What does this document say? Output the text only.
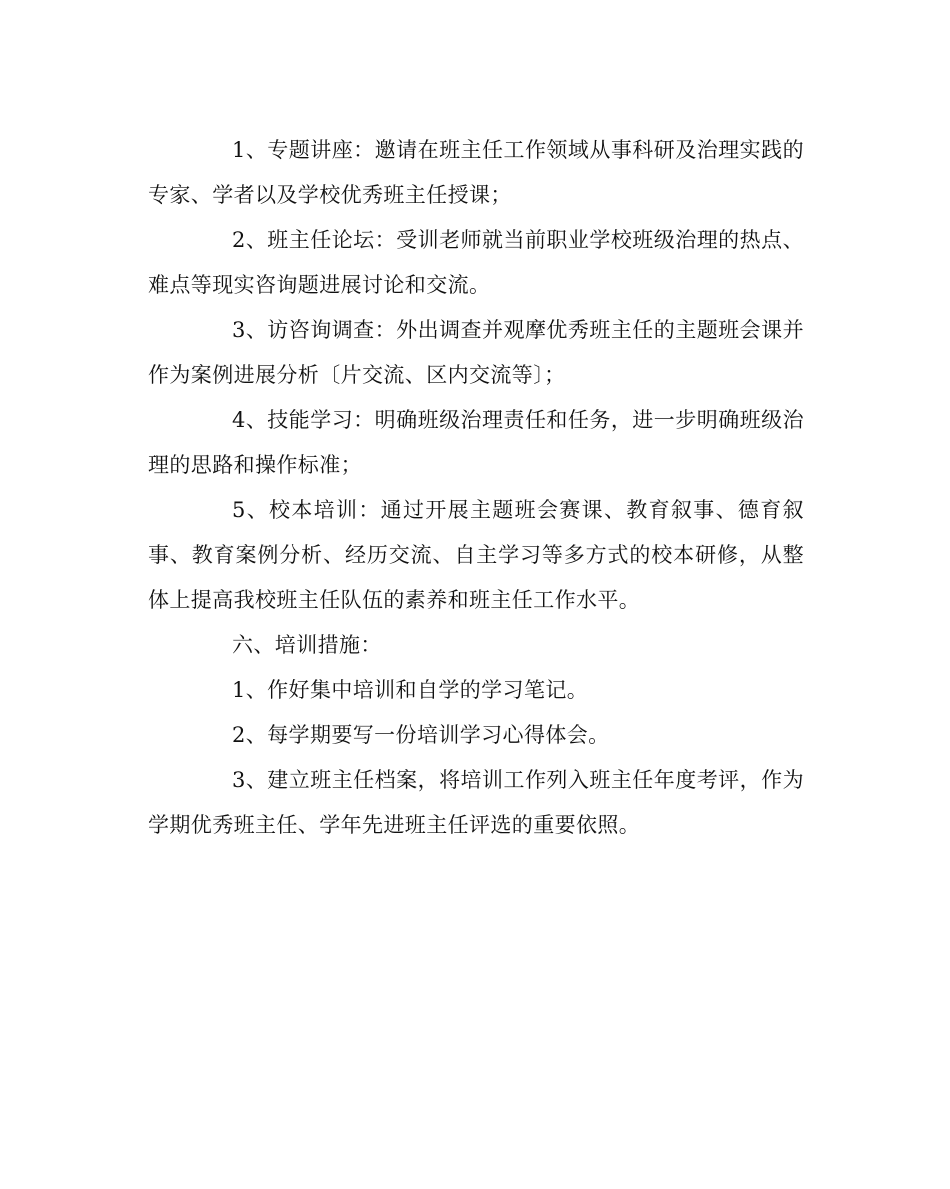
1、专题讲座：邀请在班主任工作领域从事科研及治理实践的专家、学者以及学校优秀班主任授课；

2、班主任论坛：受训老师就当前职业学校班级治理的热点、难点等现实咨询题进展讨论和交流。

3、访咨询调查：外出调查并观摩优秀班主任的主题班会课并作为案例进展分析〔片交流、区内交流等〕；

4、技能学习：明确班级治理责任和任务，进一步明确班级治理的思路和操作标准；

5、校本培训：通过开展主题班会赛课、教育叙事、德育叙事、教育案例分析、经历交流、自主学习等多方式的校本研修，从整体上提高我校班主任队伍的素养和班主任工作水平。

六、培训措施：

1、作好集中培训和自学的学习笔记。

2、每学期要写一份培训学习心得体会。

3、建立班主任档案，将培训工作列入班主任年度考评，作为学期优秀班主任、学年先进班主任评选的重要依照。
